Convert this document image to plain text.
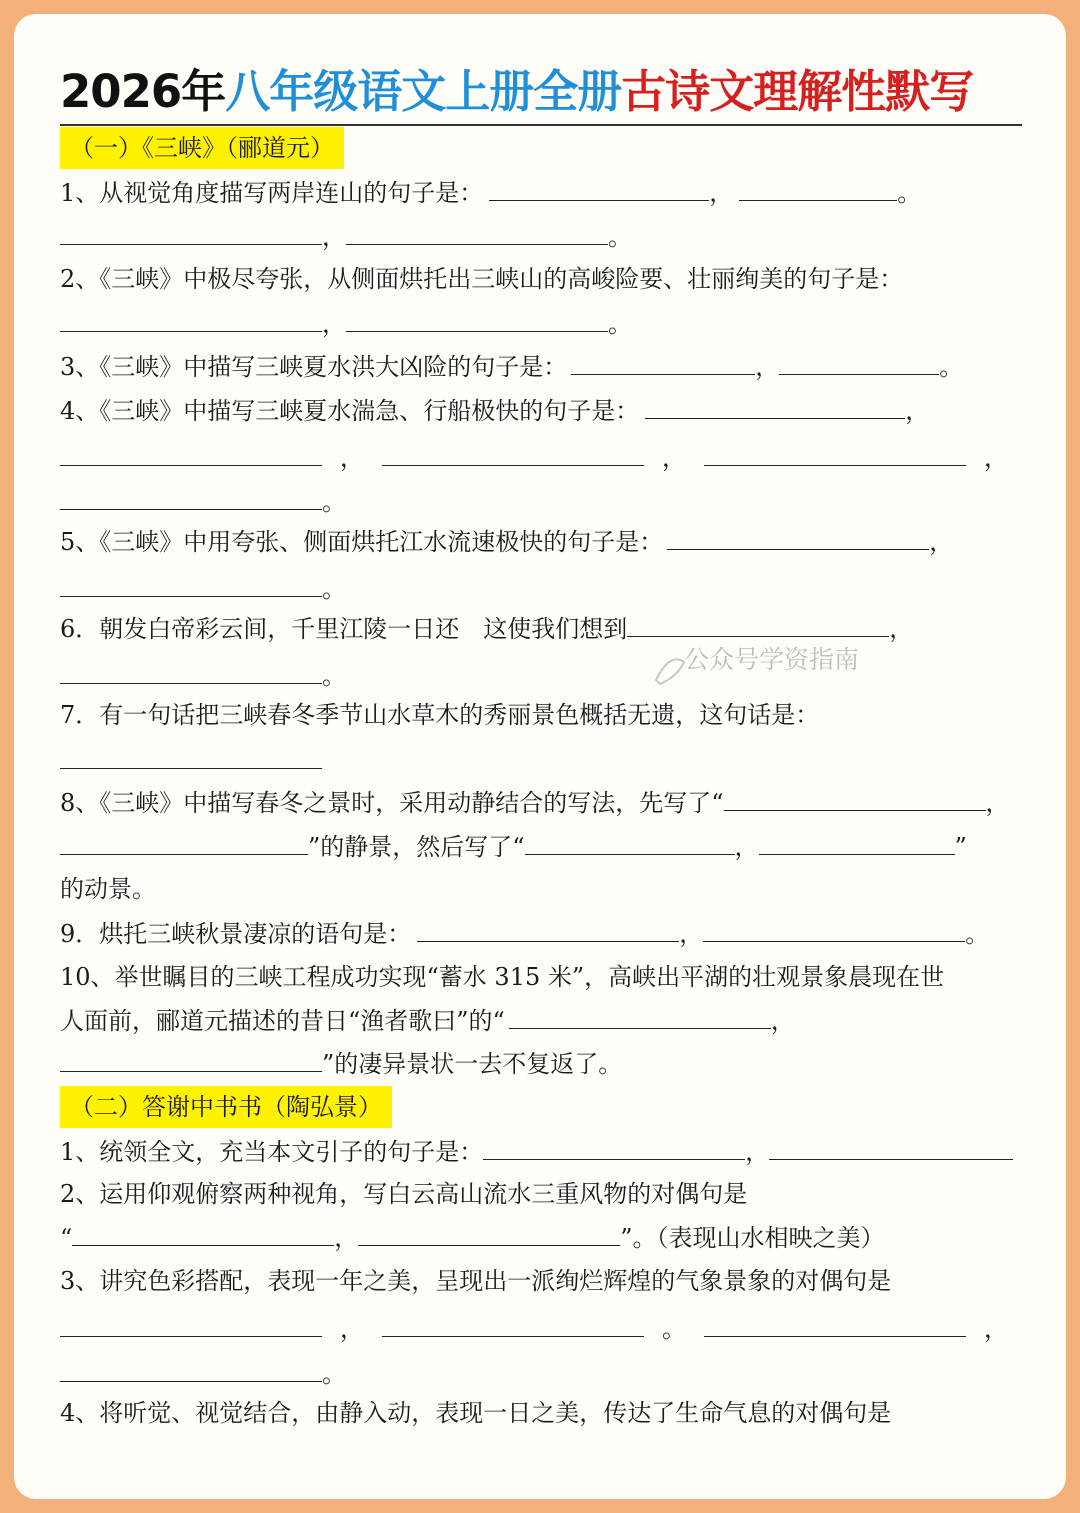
2026年八年级语文上册全册古诗文理解性默写
（一）《三峡》（郦道元）
1、从视觉角度描写两岸连山的句子是：	，	。
，	。
2、《三峡》中极尽夸张，从侧面烘托出三峡山的高峻险要、壮丽绚美的句子是：
，	。
3、《三峡》中描写三峡夏水洪大凶险的句子是：	，	。
4、《三峡》中描写三峡夏水湍急、行船极快的句子是：	，
，	，	，
。
5、《三峡》中用夸张、侧面烘托江水流速极快的句子是：	，
。
6．朝发白帝彩云间，千里江陵一日还　这使我们想到	，
。
7．有一句话把三峡春冬季节山水草木的秀丽景色概括无遗，这句话是：
8、《三峡》中描写春冬之景时，采用动静结合的写法，先写了“	，
”的静景，然后写了“	，	”
的动景。
9．烘托三峡秋景凄凉的语句是：	，	。
10、举世瞩目的三峡工程成功实现“蓄水 315 米”，高峡出平湖的壮观景象晨现在世
人面前，郦道元描述的昔日“渔者歌曰”的“	，
”的凄异景状一去不复返了。
（二）答谢中书书（陶弘景）
1、统领全文，充当本文引子的句子是：	，
2、运用仰观俯察两种视角，写白云高山流水三重风物的对偶句是
“	，	”。（表现山水相映之美）
3、讲究色彩搭配，表现一年之美，呈现出一派绚烂辉煌的气象景象的对偶句是
，	。	，
。
4、将听觉、视觉结合，由静入动，表现一日之美，传达了生命气息的对偶句是
公众号学资指南
